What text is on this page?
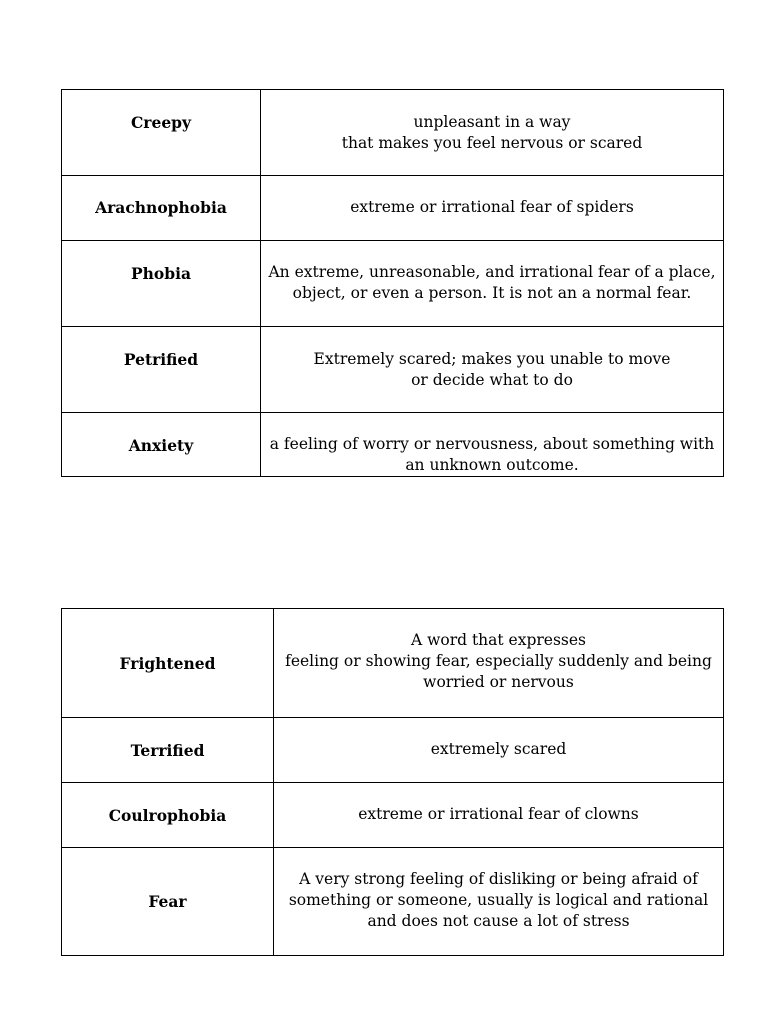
Creepy	unpleasant in a way
that makes you feel nervous or scared
Arachnophobia	extreme or irrational fear of spiders
Phobia	An extreme, unreasonable, and irrational fear of a place, object, or even a person. It is not an a normal fear.
Petrified	Extremely scared; makes you unable to move
or decide what to do
Anxiety	a feeling of worry or nervousness, about something with an unknown outcome.
Frightened	A word that expresses
feeling or showing fear, especially suddenly and being worried or nervous
Terrified	extremely scared
Coulrophobia	extreme or irrational fear of clowns
Fear	A very strong feeling of disliking or being afraid of something or someone, usually is logical and rational and does not cause a lot of stress
